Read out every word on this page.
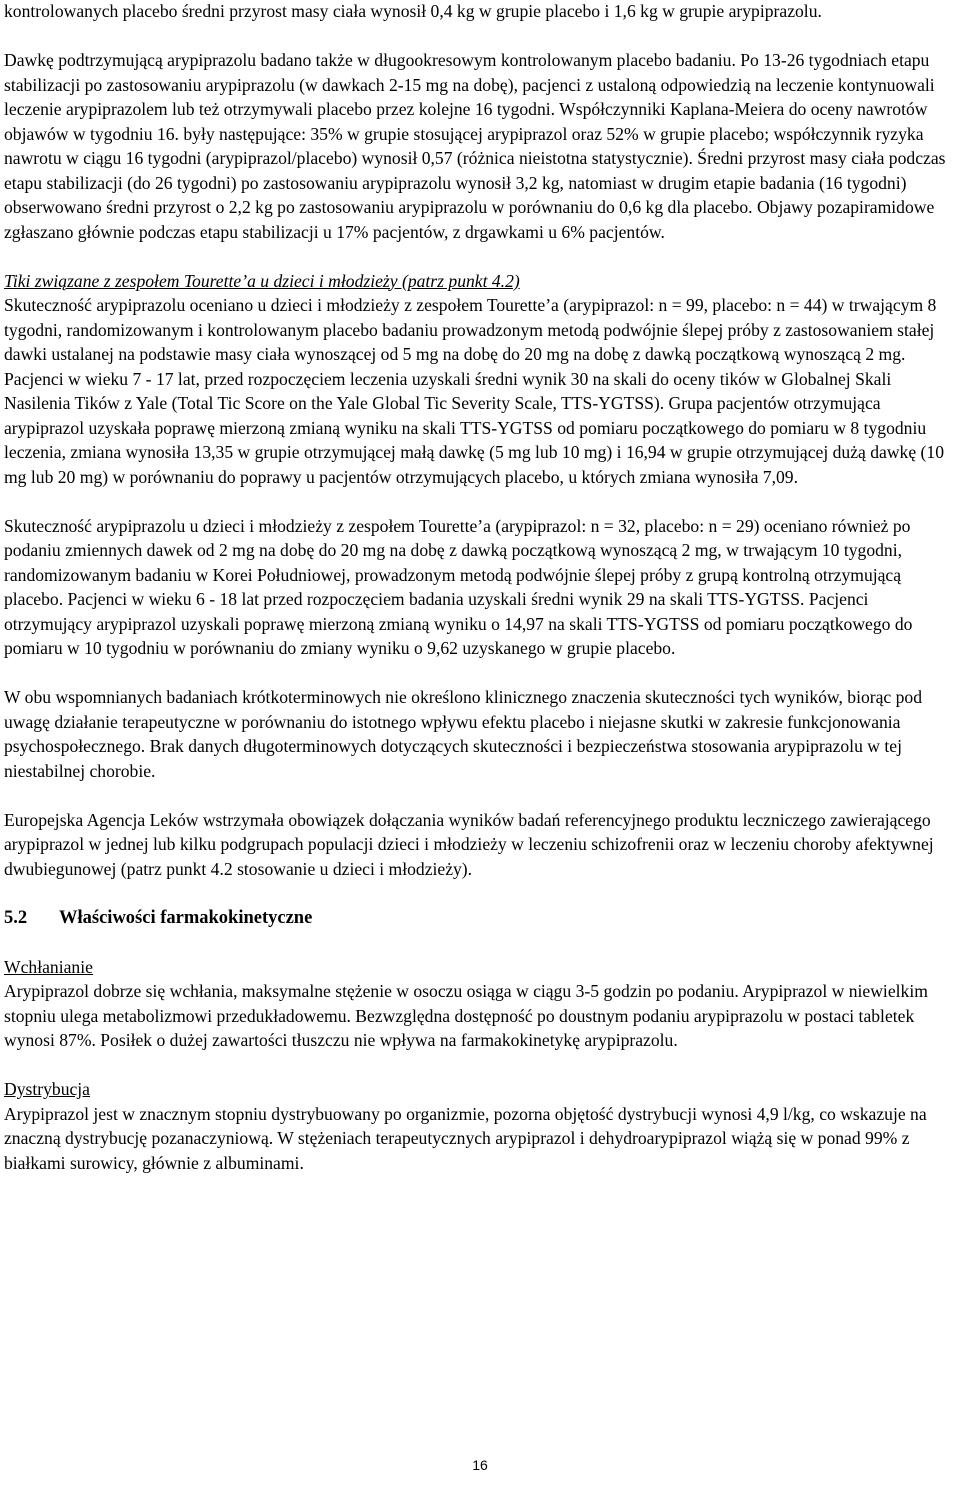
kontrolowanych placebo średni przyrost masy ciała wynosił 0,4 kg w grupie placebo i 1,6 kg w grupie arypiprazolu.

Dawkę podtrzymującą arypiprazolu badano także w długookresowym kontrolowanym placebo badaniu. Po 13-26 tygodniach etapu stabilizacji po zastosowaniu arypiprazolu (w dawkach 2-15 mg na dobę), pacjenci z ustaloną odpowiedzią na leczenie kontynuowali leczenie arypiprazolem lub też otrzymywali placebo przez kolejne 16 tygodni. Współczynniki Kaplana-Meiera do oceny nawrotów objawów w tygodniu 16. były następujące: 35% w grupie stosującej arypiprazol oraz 52% w grupie placebo; współczynnik ryzyka nawrotu w ciągu 16 tygodni (arypiprazol/placebo) wynosił 0,57 (różnica nieistotna statystycznie). Średni przyrost masy ciała podczas etapu stabilizacji (do 26 tygodni) po zastosowaniu arypiprazolu wynosił 3,2 kg, natomiast w drugim etapie badania (16 tygodni) obserwowano średni przyrost o 2,2 kg po zastosowaniu arypiprazolu w porównaniu do 0,6 kg dla placebo. Objawy pozapiramidowe zgłaszano głównie podczas etapu stabilizacji u 17% pacjentów, z drgawkami u 6% pacjentów.

Tiki związane z zespołem Tourette’a u dzieci i młodzieży (patrz punkt 4.2)

Skuteczność arypiprazolu oceniano u dzieci i młodzieży z zespołem Tourette’a (arypiprazol: n = 99, placebo: n = 44) w trwającym 8 tygodni, randomizowanym i kontrolowanym placebo badaniu prowadzonym metodą podwójnie ślepej próby z zastosowaniem stałej dawki ustalanej na podstawie masy ciała wynoszącej od 5 mg na dobę do 20 mg na dobę z dawką początkową wynoszącą 2 mg. Pacjenci w wieku 7 - 17 lat, przed rozpoczęciem leczenia uzyskali średni wynik 30 na skali do oceny tików w Globalnej Skali Nasilenia Tików z Yale (Total Tic Score on the Yale Global Tic Severity Scale, TTS-YGTSS). Grupa pacjentów otrzymująca arypiprazol uzyskała poprawę mierzoną zmianą wyniku na skali TTS-YGTSS od pomiaru początkowego do pomiaru w 8 tygodniu leczenia, zmiana wynosiła 13,35 w grupie otrzymującej małą dawkę (5 mg lub 10 mg) i 16,94 w grupie otrzymującej dużą dawkę (10 mg lub 20 mg) w porównaniu do poprawy u pacjentów otrzymujących placebo, u których zmiana wynosiła 7,09.

Skuteczność arypiprazolu u dzieci i młodzieży z zespołem Tourette’a (arypiprazol: n = 32, placebo: n = 29) oceniano również po podaniu zmiennych dawek od 2 mg na dobę do 20 mg na dobę z dawką początkową wynoszącą 2 mg, w trwającym 10 tygodni, randomizowanym badaniu w Korei Południowej, prowadzonym metodą podwójnie ślepej próby z grupą kontrolną otrzymującą placebo. Pacjenci w wieku 6 - 18 lat przed rozpoczęciem badania uzyskali średni wynik 29 na skali TTS-YGTSS. Pacjenci otrzymujący arypiprazol uzyskali poprawę mierzoną zmianą wyniku o 14,97 na skali TTS-YGTSS od pomiaru początkowego do pomiaru w 10 tygodniu w porównaniu do zmiany wyniku o 9,62 uzyskanego w grupie placebo.

W obu wspomnianych badaniach krótkoterminowych nie określono klinicznego znaczenia skuteczności tych wyników, biorąc pod uwagę działanie terapeutyczne w porównaniu do istotnego wpływu efektu placebo i niejasne skutki w zakresie funkcjonowania psychospołecznego. Brak danych długoterminowych dotyczących skuteczności i bezpieczeństwa stosowania arypiprazolu w tej niestabilnej chorobie.

Europejska Agencja Leków wstrzymała obowiązek dołączania wyników badań referencyjnego produktu leczniczego zawierającego arypiprazol w jednej lub kilku podgrupach populacji dzieci i młodzieży w leczeniu schizofrenii oraz w leczeniu choroby afektywnej dwubiegunowej (patrz punkt 4.2 stosowanie u dzieci i młodzieży).

5.2	Właściwości farmakokinetyczne

Wchłanianie

Arypiprazol dobrze się wchłania, maksymalne stężenie w osoczu osiąga w ciągu 3-5 godzin po podaniu. Arypiprazol w niewielkim stopniu ulega metabolizmowi przedukładowemu. Bezwzględna dostępność po doustnym podaniu arypiprazolu w postaci tabletek wynosi 87%. Posiłek o dużej zawartości tłuszczu nie wpływa na farmakokinetykę arypiprazolu.

Dystrybucja

Arypiprazol jest w znacznym stopniu dystrybuowany po organizmie, pozorna objętość dystrybucji wynosi 4,9 l/kg, co wskazuje na znaczną dystrybucję pozanaczyniową. W stężeniach terapeutycznych arypiprazol i dehydroarypiprazol wiążą się w ponad 99% z białkami surowicy, głównie z albuminami.

16
